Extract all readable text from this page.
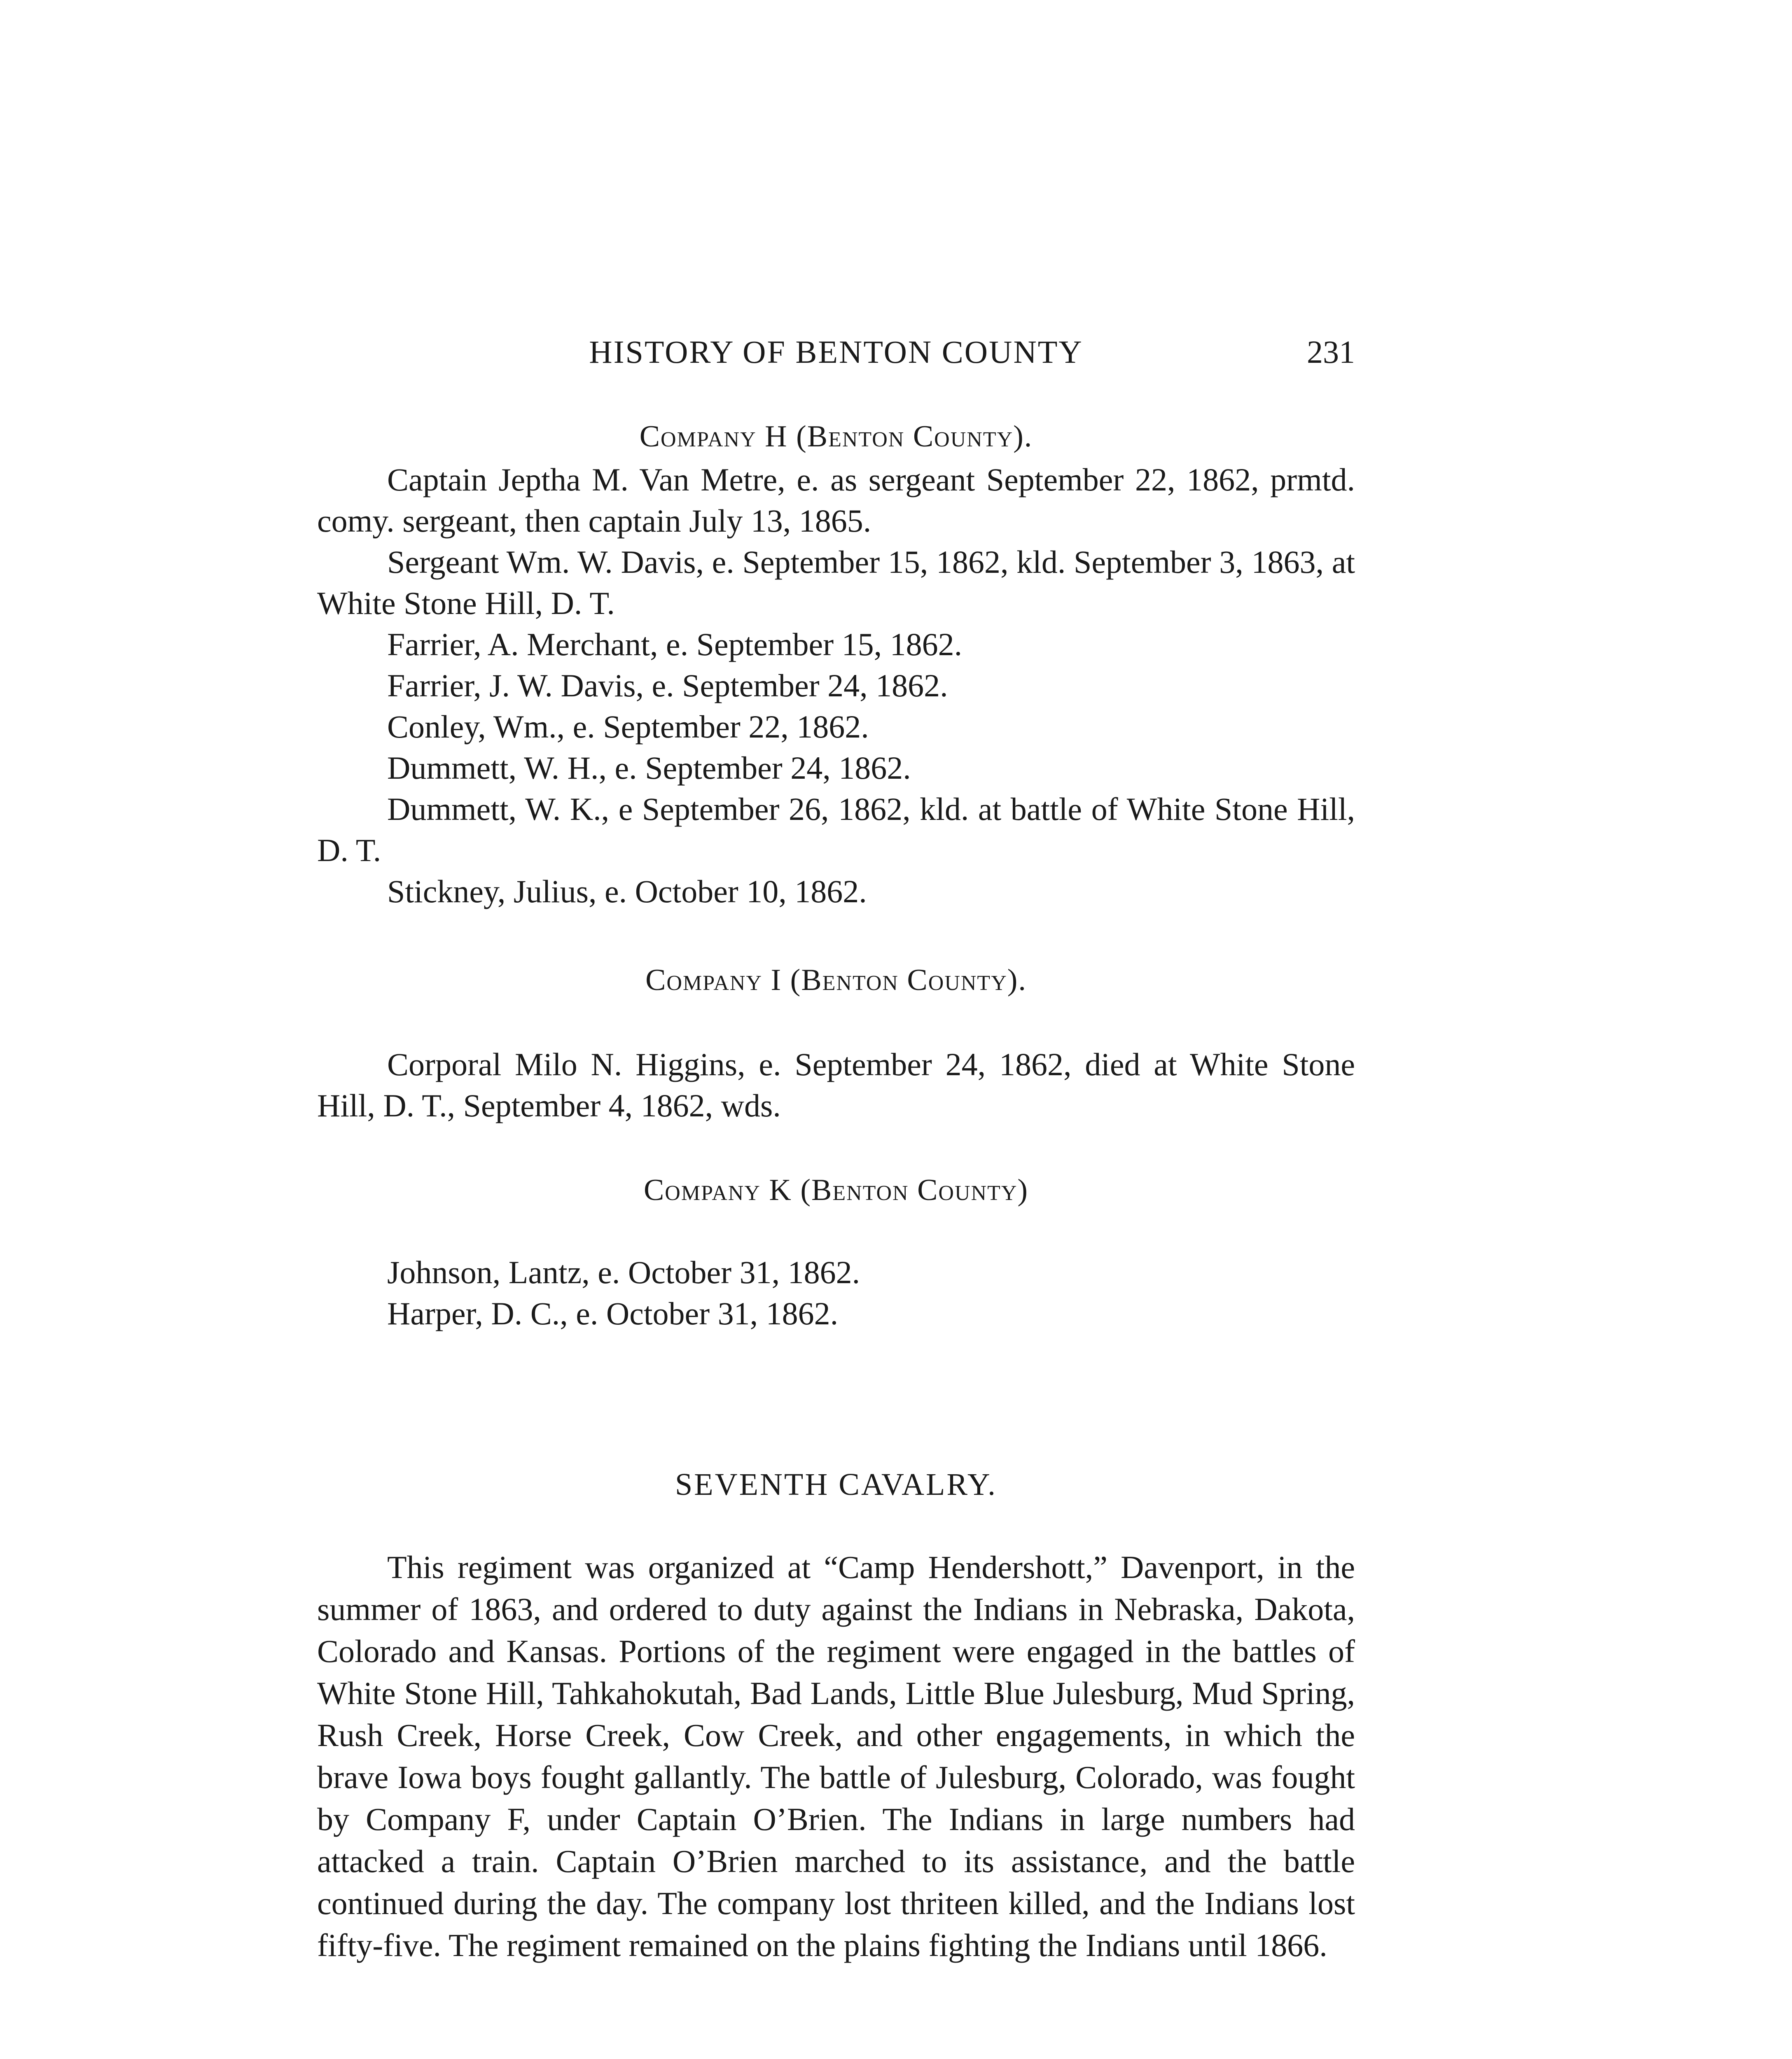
HISTORY OF BENTON COUNTY	231
Company H (Benton County).

Captain Jeptha M. Van Metre, e. as sergeant September 22, 1862, prmtd. comy. sergeant, then captain July 13, 1865.

Sergeant Wm. W. Davis, e. September 15, 1862, kld. September 3, 1863, at White Stone Hill, D. T.

Farrier, A. Merchant, e. September 15, 1862.

Farrier, J. W. Davis, e. September 24, 1862.

Conley, Wm., e. September 22, 1862.

Dummett, W. H., e. September 24, 1862.

Dummett, W. K., e September 26, 1862, kld. at battle of White Stone Hill, D. T.

Stickney, Julius, e. October 10, 1862.

Company I (Benton County).

Corporal Milo N. Higgins, e. September 24, 1862, died at White Stone Hill, D. T., September 4, 1862, wds.

Company K (Benton County)

Johnson, Lantz, e. October 31, 1862.

Harper, D. C., e. October 31, 1862.

SEVENTH CAVALRY.

This regiment was organized at “Camp Hendershott,” Davenport, in the summer of 1863, and ordered to duty against the Indians in Nebraska, Dakota, Colorado and Kansas. Portions of the regiment were engaged in the battles of White Stone Hill, Tahkahokutah, Bad Lands, Little Blue Julesburg, Mud Spring, Rush Creek, Horse Creek, Cow Creek, and other engagements, in which the brave Iowa boys fought gallantly. The battle of Julesburg, Colorado, was fought by Company F, under Captain O’Brien. The Indians in large numbers had attacked a train. Captain O’Brien marched to its assistance, and the battle continued during the day. The company lost thriteen killed, and the Indians lost fifty-five. The regiment remained on the plains fighting the Indians until 1866.
